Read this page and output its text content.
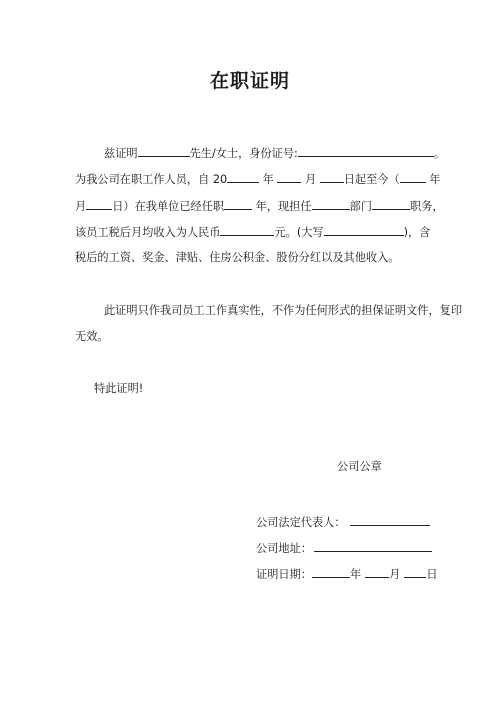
在职证明
兹证明	先生/女士，身份证号:	。
为我公司在职工作人员，自 20	年	月 日起至今（	年
月 日）在我单位已经任职	年，现担任	部门	职务，
该员工税后月均收入为人民币	元。(大写	)，含
税后的工资、奖金、津贴、住房公积金、股份分红以及其他收入。
此证明只作我司员工工作真实性，不作为任何形式的担保证明文件，复印
无效。
特此证明!
公司公章
公司法定代表人：
公司地址：
证明日期：	年	月 日
